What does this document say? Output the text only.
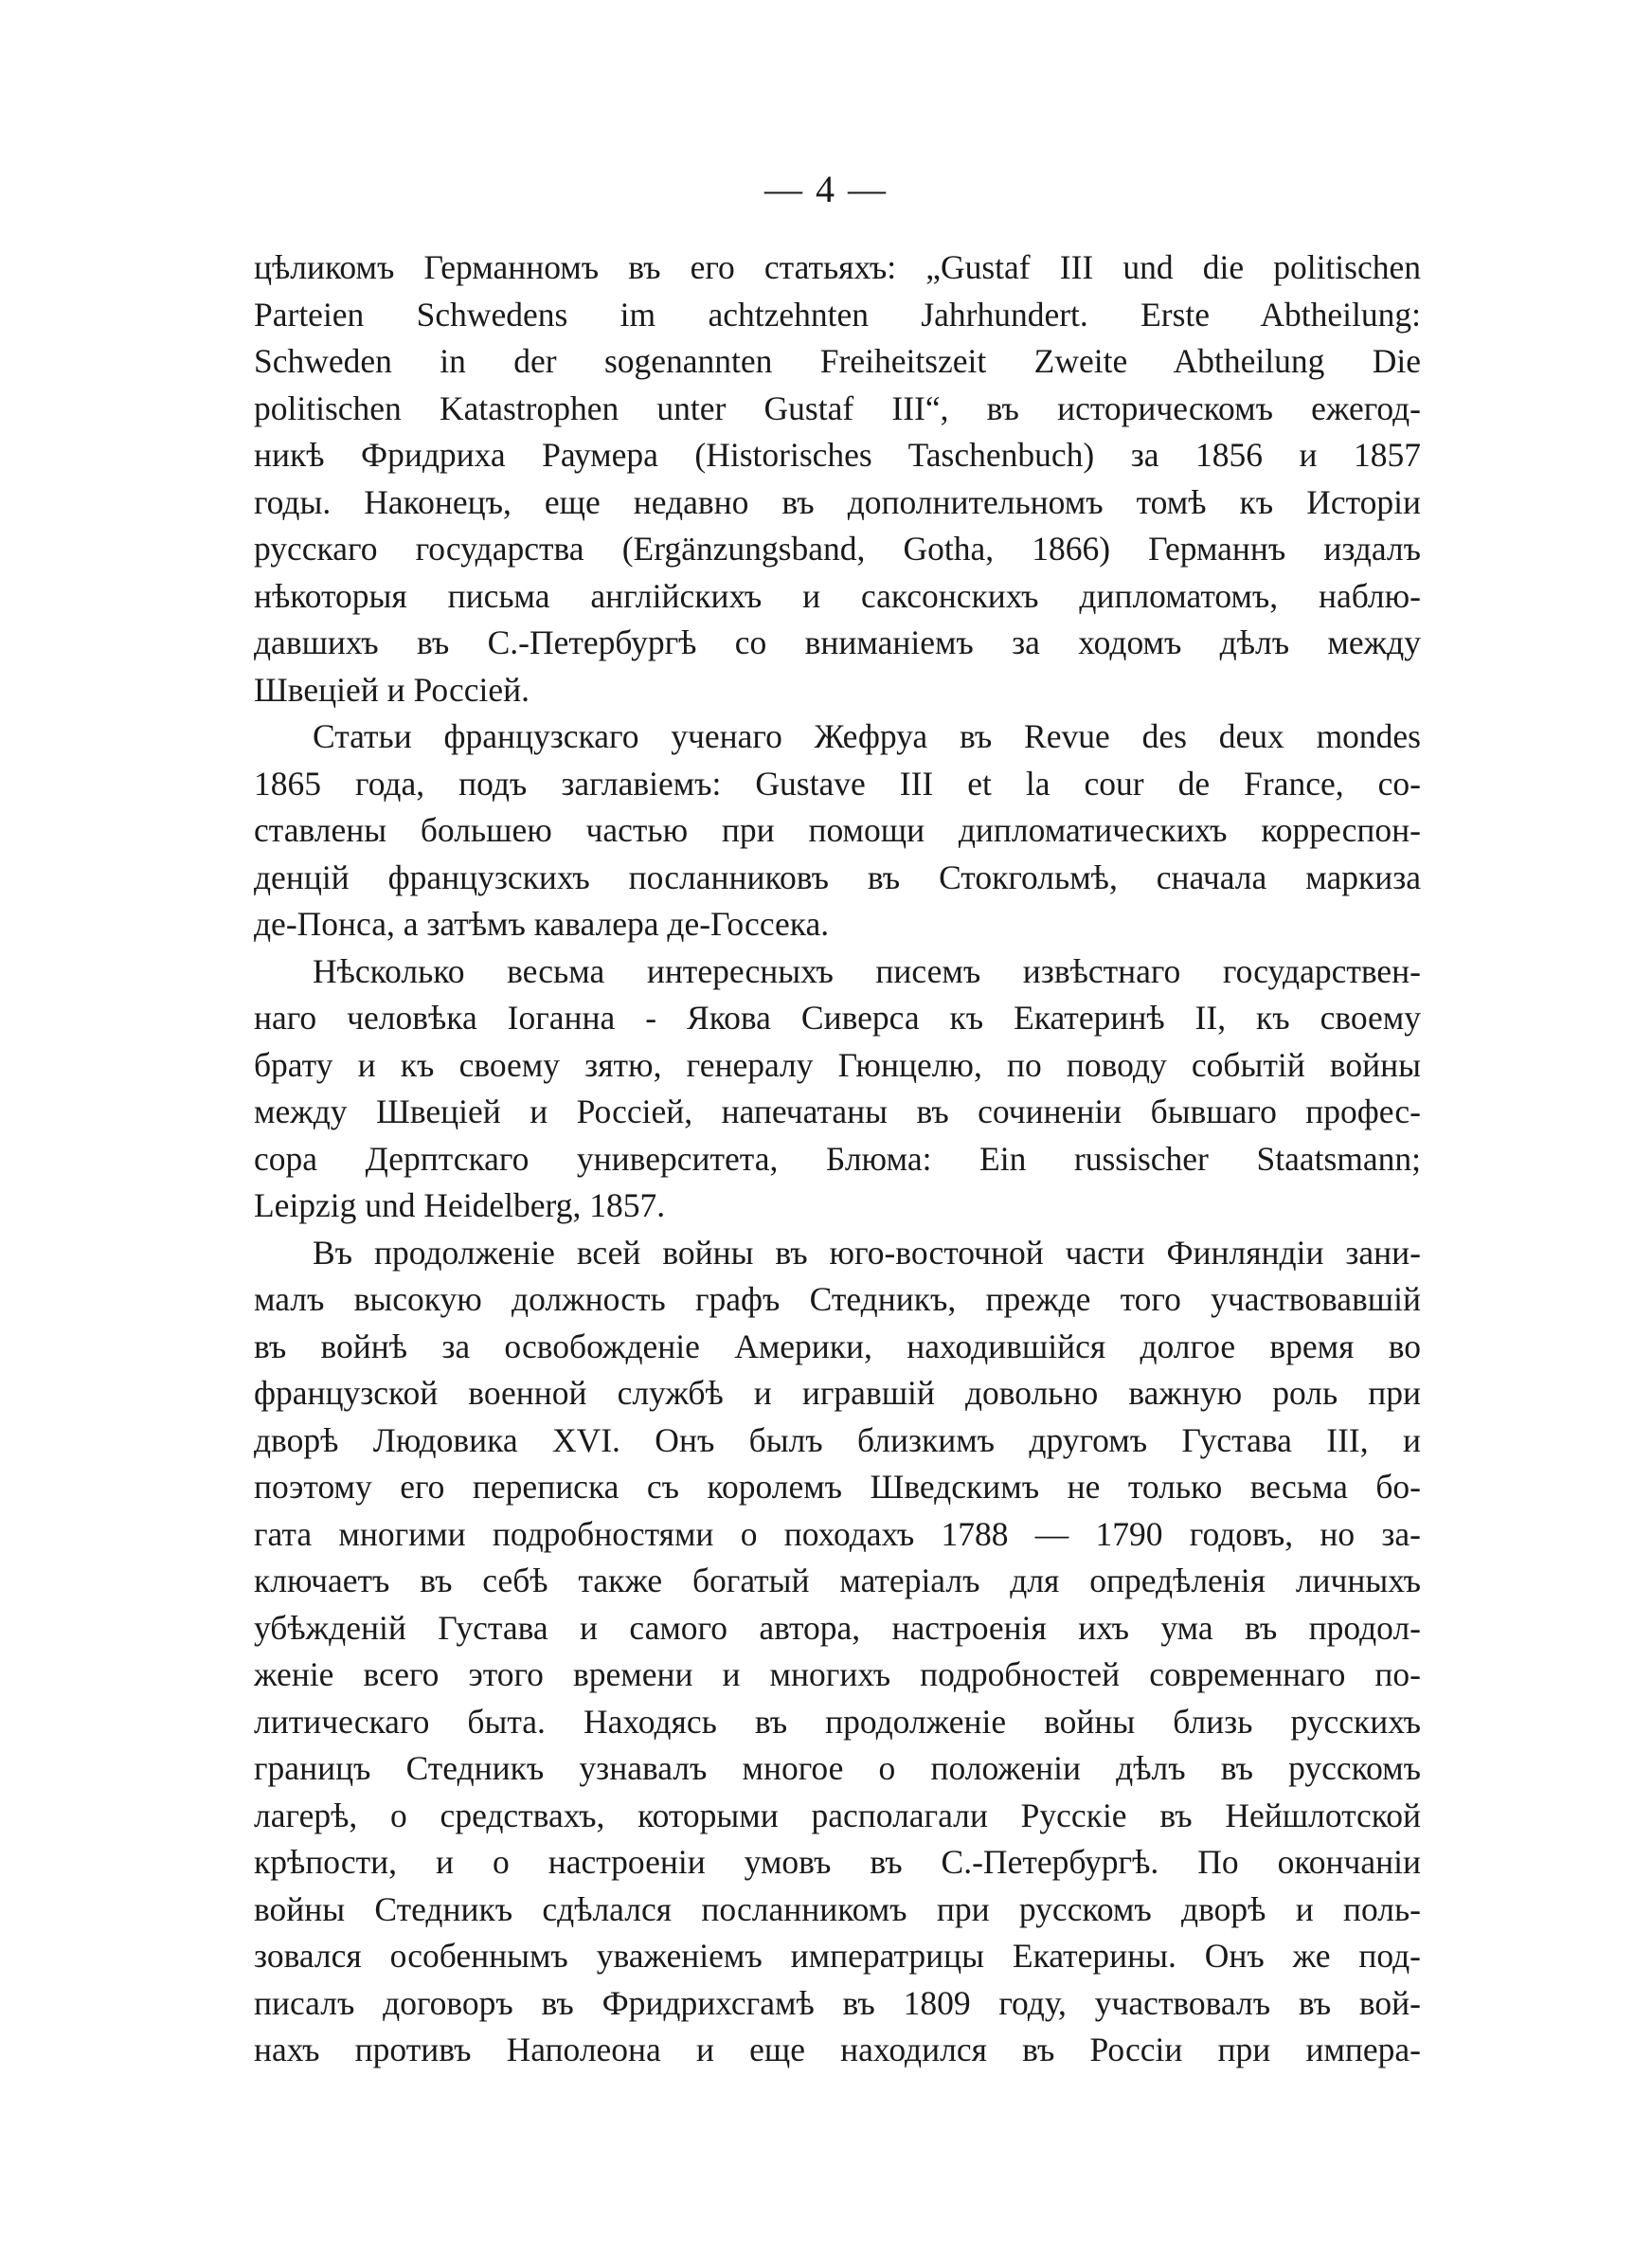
— 4 —

цѣликомъ Германномъ въ его статьяхъ: „Gustaf III und die politischen
Parteien Schwedens im achtzehnten Jahrhundert. Erste Abtheilung:
Schweden in der sogenannten Freiheitszeit Zweite Abtheilung Die
politischen Katastrophen unter Gustaf III“, въ историческомъ ежегод-
никѣ Фридриха Раумера (Historisches Taschenbuch) за 1856 и 1857
годы. Наконецъ, еще недавно въ дополнительномъ томѣ къ Исторіи
русскаго государства (Ergänzungsband, Gotha, 1866) Германнъ издалъ
нѣкоторыя письма англійскихъ и саксонскихъ дипломатомъ, наблю-
давшихъ въ С.-Петербургѣ со вниманіемъ за ходомъ дѣлъ между
Швеціей и Россіей.

Статьи французскаго ученаго Жефруа въ Revue des deux mondes
1865 года, подъ заглавіемъ: Gustave III et la cour de France, со-
ставлены большею частью при помощи дипломатическихъ корреспон-
денцій французскихъ посланниковъ въ Стокгольмѣ, сначала маркиза
де-Понса, а затѣмъ кавалера де-Госсека.

Нѣсколько весьма интересныхъ писемъ извѣстнаго государствен-
наго человѣка Іоганна - Якова Сиверса къ Екатеринѣ II, къ своему
брату и къ своему зятю, генералу Гюнцелю, по поводу событій войны
между Швеціей и Россіей, напечатаны въ сочиненіи бывшаго профес-
сора Дерптскаго университета, Блюма: Ein russischer Staatsmann;
Leipzig und Heidelberg, 1857.

Въ продолженіе всей войны въ юго-восточной части Финляндіи зани-
малъ высокую должность графъ Стедникъ, прежде того участвовавшій
въ войнѣ за освобожденіе Америки, находившійся долгое время во
французской военной службѣ и игравшій довольно важную роль при
дворѣ Людовика XVI. Онъ былъ близкимъ другомъ Густава III, и
поэтому его переписка съ королемъ Шведскимъ не только весьма бо-
гата многими подробностями о походахъ 1788 — 1790 годовъ, но за-
ключаетъ въ себѣ также богатый матеріалъ для опредѣленія личныхъ
убѣжденій Густава и самого автора, настроенія ихъ ума въ продол-
женіе всего этого времени и многихъ подробностей современнаго по-
литическаго быта. Находясь въ продолженіе войны близь русскихъ
границъ Стедникъ узнавалъ многое о положеніи дѣлъ въ русскомъ
лагерѣ, о средствахъ, которыми располагали Русскіе въ Нейшлотской
крѣпости, и о настроеніи умовъ въ С.-Петербургѣ. По окончаніи
войны Стедникъ сдѣлался посланникомъ при русскомъ дворѣ и поль-
зовался особеннымъ уваженіемъ императрицы Екатерины. Онъ же под-
писалъ договоръ въ Фридрихсгамѣ въ 1809 году, участвовалъ въ вой-
нахъ противъ Наполеона и еще находился въ Россіи при импера-
